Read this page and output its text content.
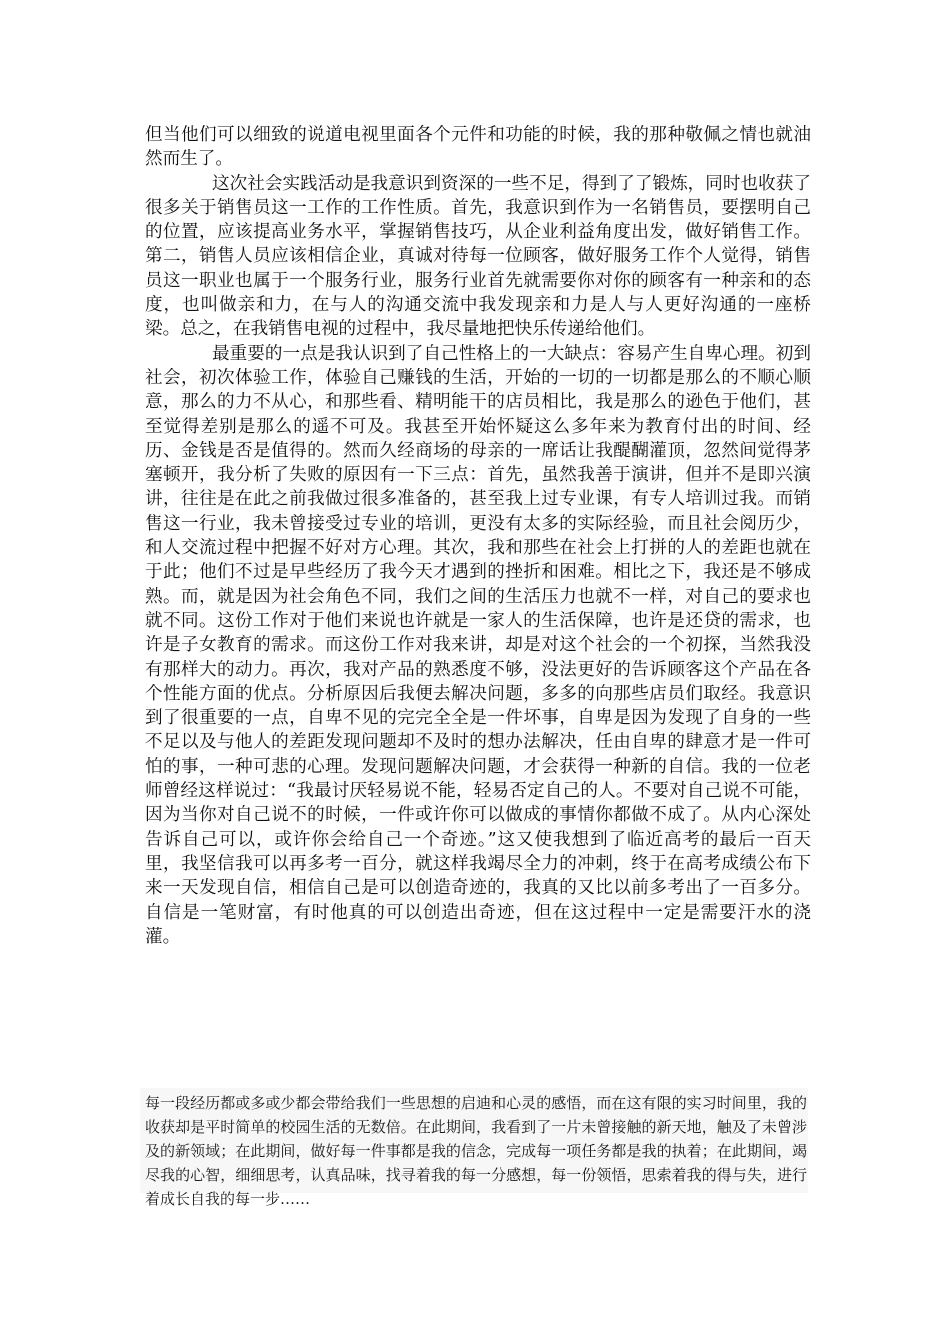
但当他们可以细致的说道电视里面各个元件和功能的时候，我的那种敬佩之情也就油然而生了。

这次社会实践活动是我意识到资深的一些不足，得到了了锻炼，同时也收获了很多关于销售员这一工作的工作性质。首先，我意识到作为一名销售员，要摆明自己的位置，应该提高业务水平，掌握销售技巧，从企业利益角度出发，做好销售工作。第二，销售人员应该相信企业，真诚对待每一位顾客，做好服务工作个人觉得，销售员这一职业也属于一个服务行业，服务行业首先就需要你对你的顾客有一种亲和的态度，也叫做亲和力，在与人的沟通交流中我发现亲和力是人与人更好沟通的一座桥梁。总之，在我销售电视的过程中，我尽量地把快乐传递给他们。

最重要的一点是我认识到了自己性格上的一大缺点：容易产生自卑心理。初到社会，初次体验工作，体验自己赚钱的生活，开始的一切的一切都是那么的不顺心顺意，那么的力不从心，和那些看、精明能干的店员相比，我是那么的逊色于他们，甚至觉得差别是那么的遥不可及。我甚至开始怀疑这么多年来为教育付出的时间、经历、金钱是否是值得的。然而久经商场的母亲的一席话让我醍醐灌顶，忽然间觉得茅塞顿开，我分析了失败的原因有一下三点：首先，虽然我善于演讲，但并不是即兴演讲，往往是在此之前我做过很多准备的，甚至我上过专业课，有专人培训过我。而销售这一行业，我未曾接受过专业的培训，更没有太多的实际经验，而且社会阅历少，和人交流过程中把握不好对方心理。其次，我和那些在社会上打拼的人的差距也就在于此；他们不过是早些经历了我今天才遇到的挫折和困难。相比之下，我还是不够成熟。而，就是因为社会角色不同，我们之间的生活压力也就不一样，对自己的要求也就不同。这份工作对于他们来说也许就是一家人的生活保障，也许是还贷的需求，也许是子女教育的需求。而这份工作对我来讲，却是对这个社会的一个初探，当然我没有那样大的动力。再次，我对产品的熟悉度不够，没法更好的告诉顾客这个产品在各个性能方面的优点。分析原因后我便去解决问题，多多的向那些店员们取经。我意识到了很重要的一点，自卑不见的完完全全是一件坏事，自卑是因为发现了自身的一些不足以及与他人的差距发现问题却不及时的想办法解决，任由自卑的肆意才是一件可怕的事，一种可悲的心理。发现问题解决问题，才会获得一种新的自信。我的一位老师曾经这样说过：“我最讨厌轻易说不能，轻易否定自己的人。不要对自己说不可能，因为当你对自己说不的时候，一件或许你可以做成的事情你都做不成了。从内心深处告诉自己可以，或许你会给自己一个奇迹。”这又使我想到了临近高考的最后一百天里，我坚信我可以再多考一百分，就这样我竭尽全力的冲刺，终于在高考成绩公布下来一天发现自信，相信自己是可以创造奇迹的，我真的又比以前多考出了一百多分。自信是一笔财富，有时他真的可以创造出奇迹，但在这过程中一定是需要汗水的浇灌。

每一段经历都或多或少都会带给我们一些思想的启迪和心灵的感悟，而在这有限的实习时间里，我的收获却是平时简单的校园生活的无数倍。在此期间，我看到了一片未曾接触的新天地，触及了未曾涉及的新领域；在此期间，做好每一件事都是我的信念，完成每一项任务都是我的执着；在此期间，竭尽我的心智，细细思考，认真品味，找寻着我的每一分感想，每一份领悟，思索着我的得与失，进行着成长自我的每一步……
